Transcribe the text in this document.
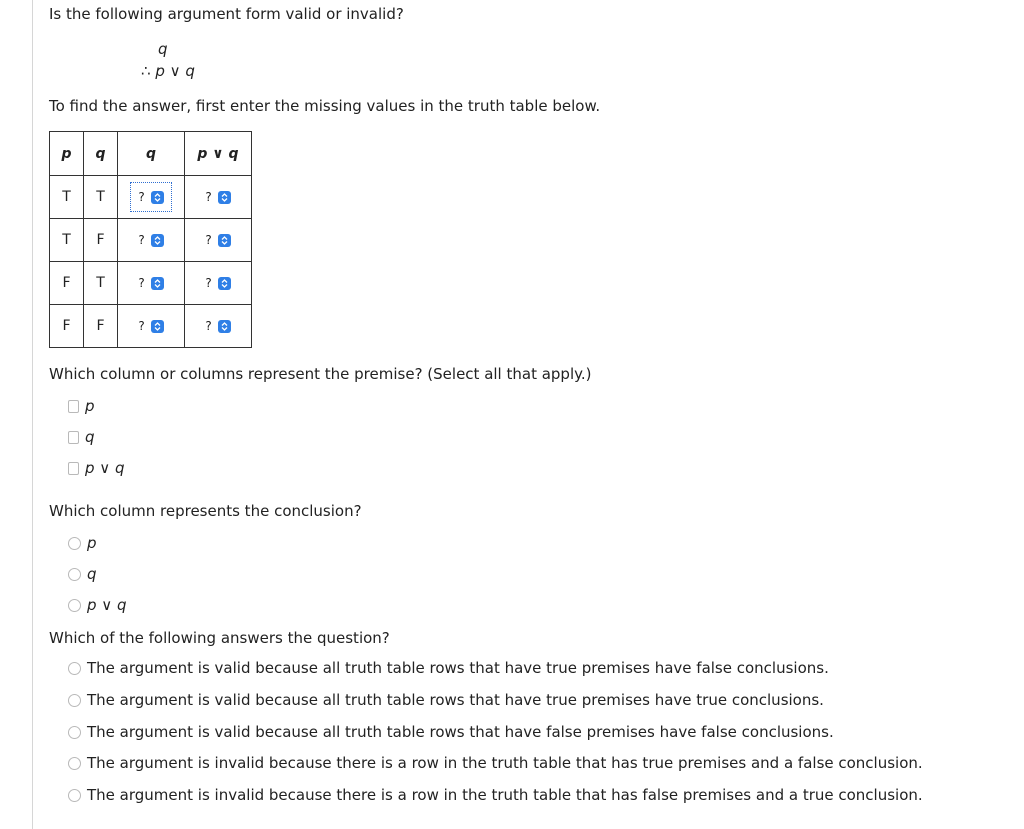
Is the following argument form valid or invalid?
q
∴ p ∨ q
To find the answer, first enter the missing values in the truth table below.
p	q	q	p ∨ q
T	T	?	?

T	F	?	?

F	T	?	?

F	F	?	?
Which column or columns represent the premise? (Select all that apply.)
p
q
p ∨ q
Which column represents the conclusion?
p
q
p ∨ q
Which of the following answers the question?
The argument is valid because all truth table rows that have true premises have false conclusions.
The argument is valid because all truth table rows that have true premises have true conclusions.
The argument is valid because all truth table rows that have false premises have false conclusions.
The argument is invalid because there is a row in the truth table that has true premises and a false conclusion.
The argument is invalid because there is a row in the truth table that has false premises and a true conclusion.
